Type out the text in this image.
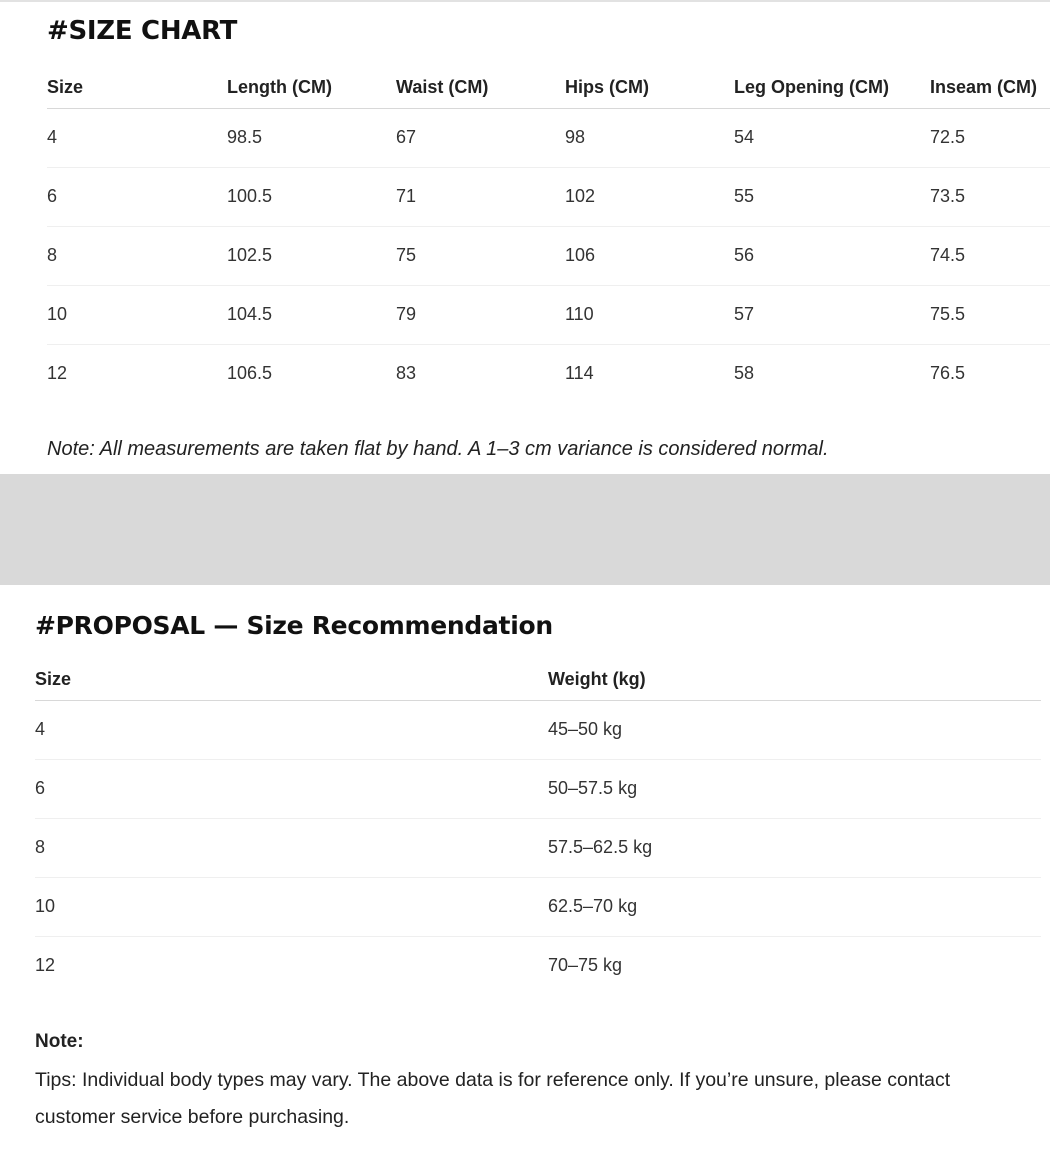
#SIZE CHART
Size	Length (CM)	Waist (CM)	Hips (CM)	Leg Opening (CM)	Inseam (CM)
4	98.5	67	98	54	72.5
6	100.5	71	102	55	73.5
8	102.5	75	106	56	74.5
10	104.5	79	110	57	75.5
12	106.5	83	114	58	76.5

Note: All measurements are taken flat by hand. A 1–3 cm variance is considered normal.

#PROPOSAL — Size Recommendation
Size	Weight (kg)
4	45–50 kg
6	50–57.5 kg
8	57.5–62.5 kg
10	62.5–70 kg
12	70–75 kg
Note:

Tips: Individual body types may vary. The above data is for reference only. If you’re unsure, please contact customer service before purchasing.
